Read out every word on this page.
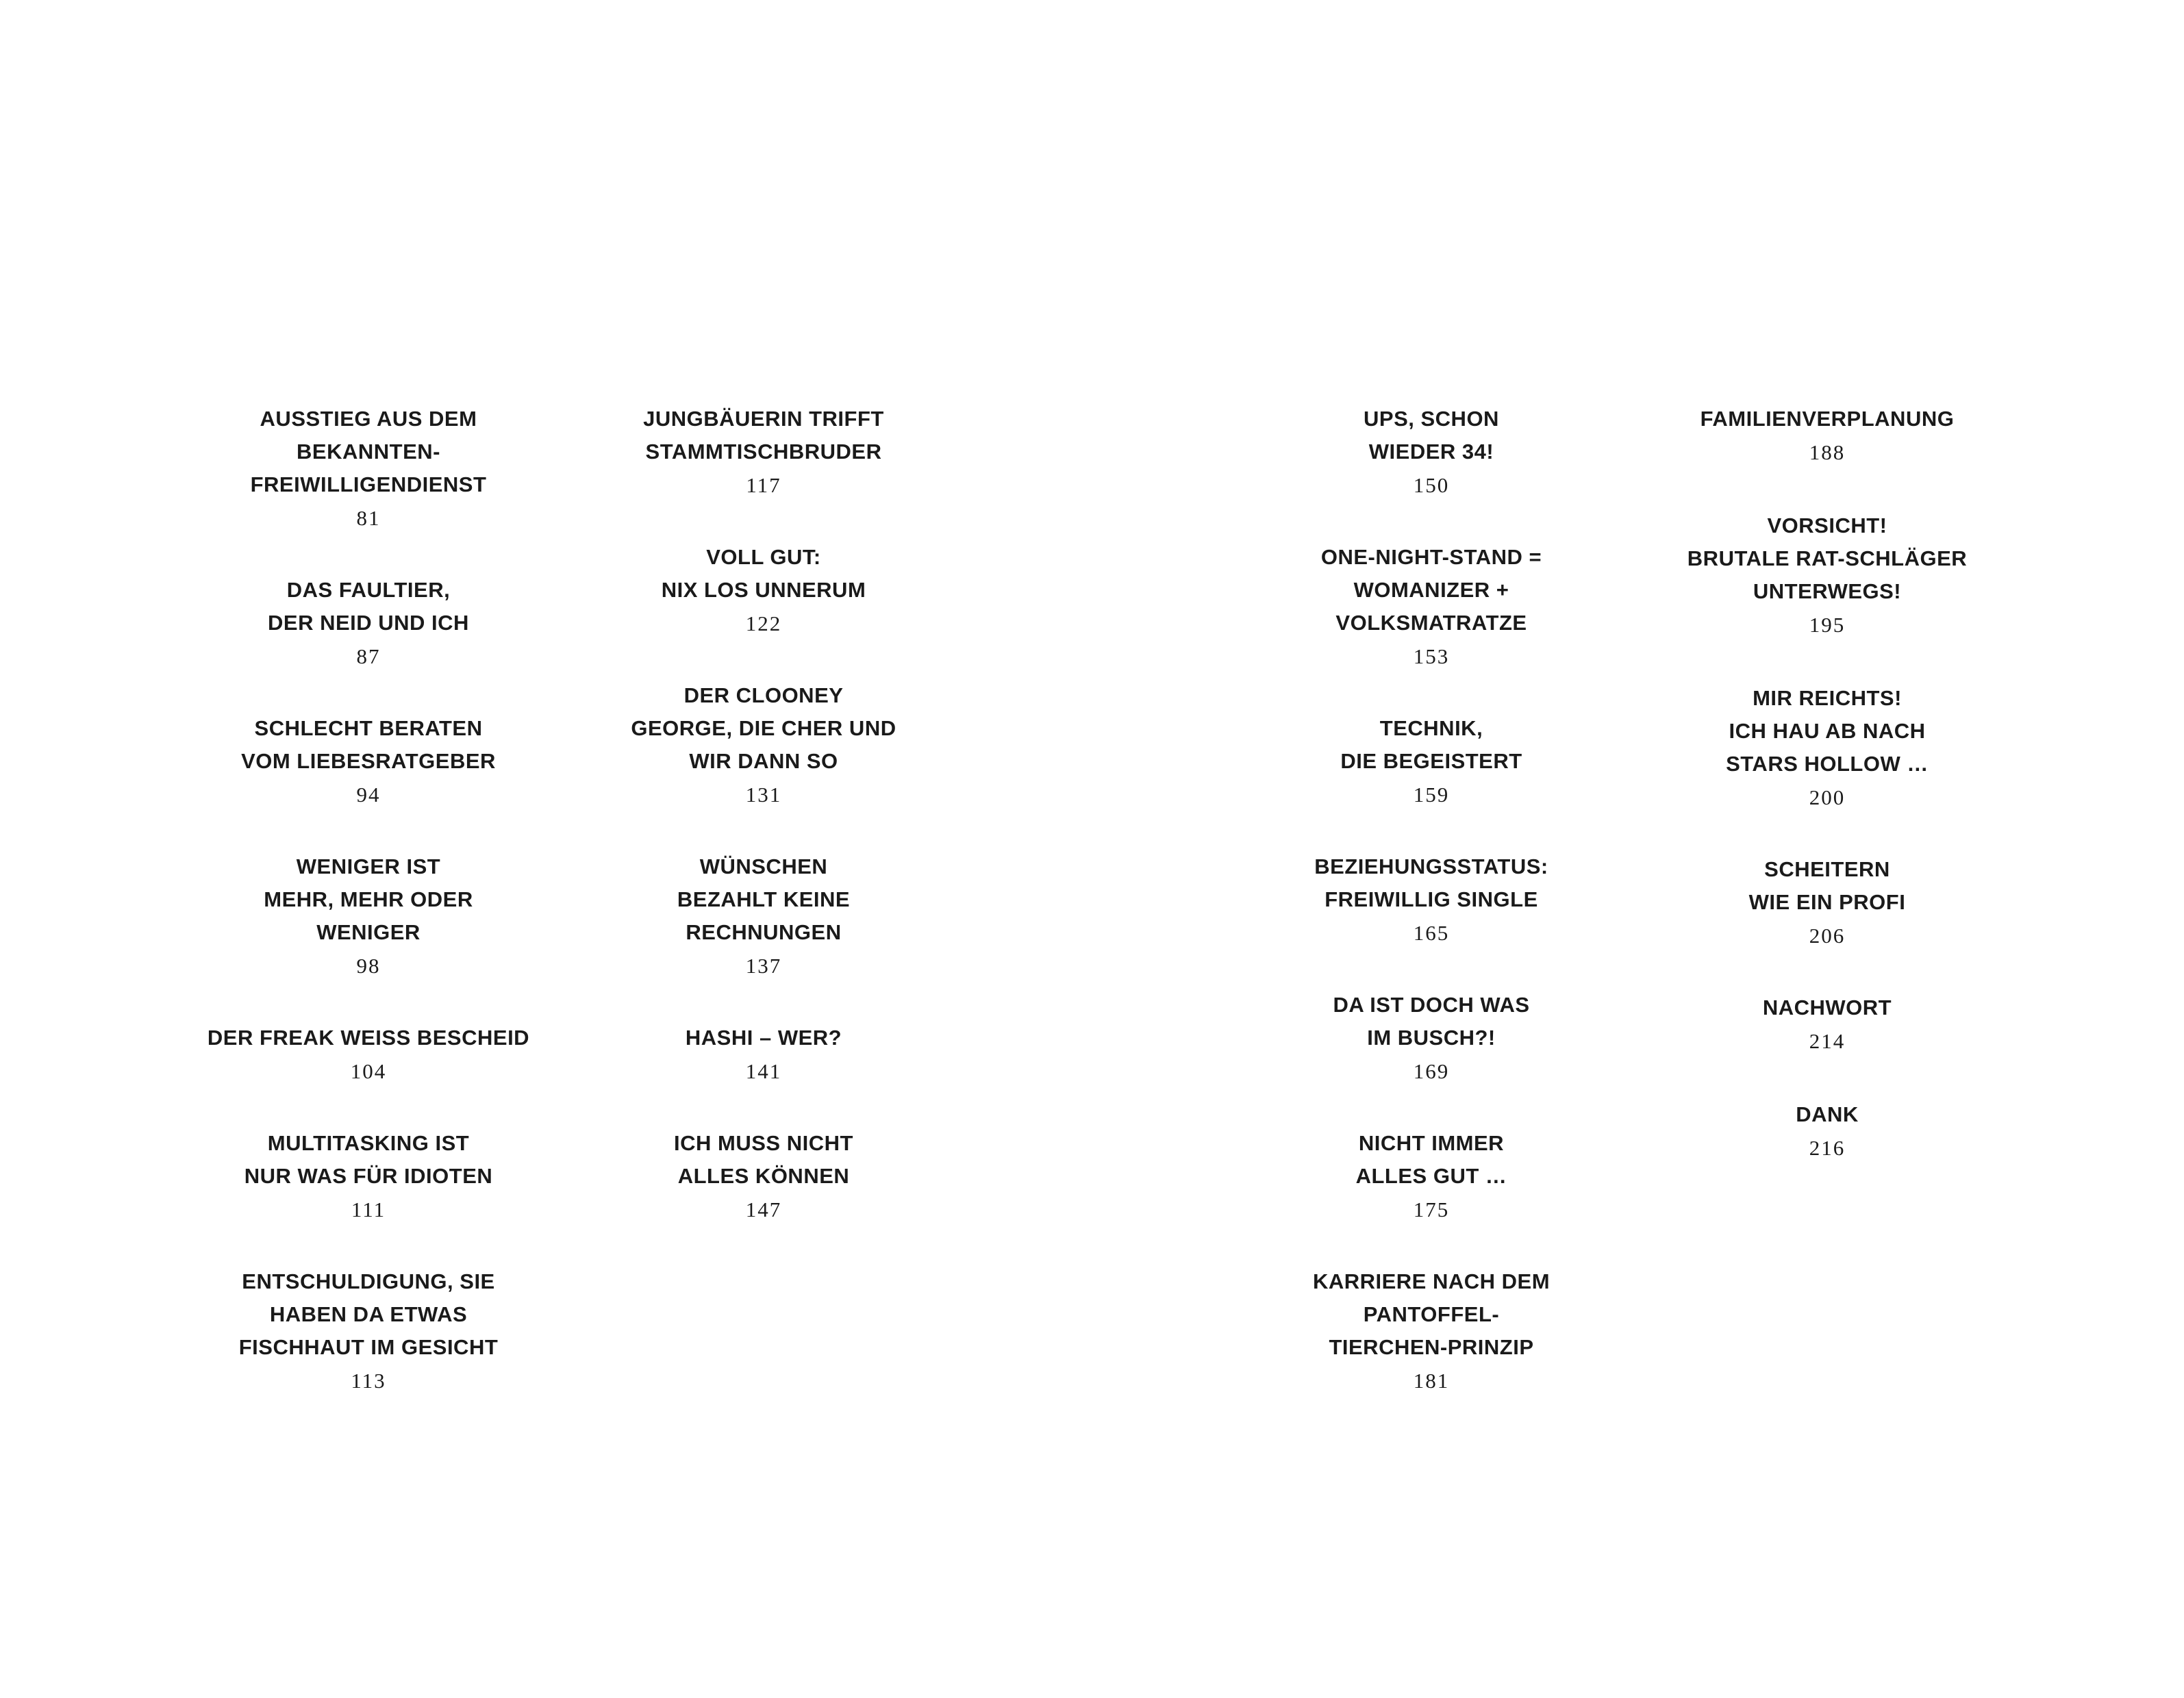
AUSSTIEG AUS DEM
BEKANNTEN-
FREIWILLIGENDIENST
81
DAS FAULTIER,
DER NEID UND ICH
87
SCHLECHT BERATEN
VOM LIEBESRATGEBER
94
WENIGER IST
MEHR, MEHR ODER
WENIGER
98
DER FREAK WEISS BESCHEID
104
MULTITASKING IST
NUR WAS FÜR IDIOTEN
111
ENTSCHULDIGUNG, SIE
HABEN DA ETWAS
FISCHHAUT IM GESICHT
113
JUNGBÄUERIN TRIFFT
STAMMTISCHBRUDER
117
VOLL GUT:
NIX LOS UNNERUM
122
DER CLOONEY
GEORGE, DIE CHER UND
WIR DANN SO
131
WÜNSCHEN
BEZAHLT KEINE
RECHNUNGEN
137
HASHI – WER?
141
ICH MUSS NICHT
ALLES KÖNNEN
147
UPS, SCHON
WIEDER 34!
150
ONE-NIGHT-STAND =
WOMANIZER +
VOLKSMATRATZE
153
TECHNIK,
DIE BEGEISTERT
159
BEZIEHUNGSSTATUS:
FREIWILLIG SINGLE
165
DA IST DOCH WAS
IM BUSCH?!
169
NICHT IMMER
ALLES GUT …
175
KARRIERE NACH DEM
PANTOFFEL-
TIERCHEN-PRINZIP
181
FAMILIENVERPLANUNG
188
VORSICHT!
BRUTALE RAT-SCHLÄGER
UNTERWEGS!
195
MIR REICHTS!
ICH HAU AB NACH
STARS HOLLOW …
200
SCHEITERN
WIE EIN PROFI
206
NACHWORT
214
DANK
216
